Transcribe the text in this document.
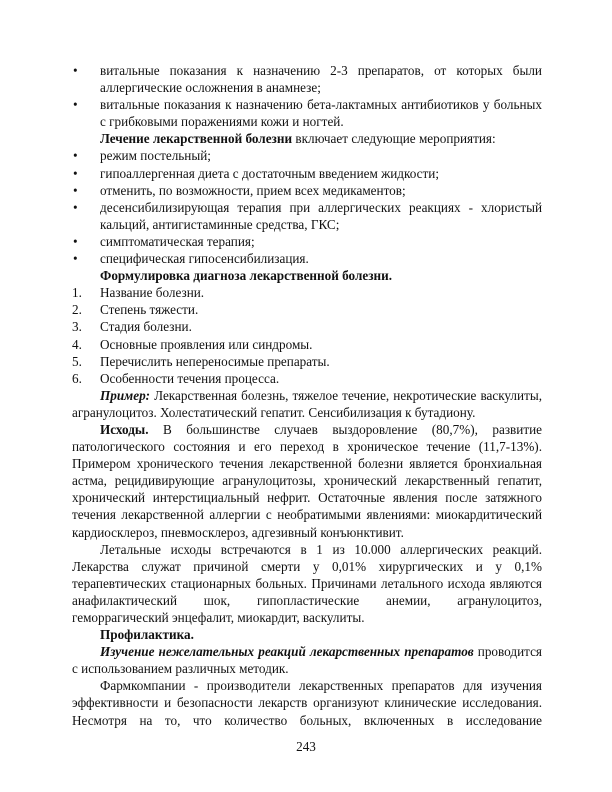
• витальные показания к назначению 2-3 препаратов, от которых были аллергические осложнения в анамнезе;
• витальные показания к назначению бета-лактамных антибиотиков у больных с грибковыми поражениями кожи и ногтей.
Лечение лекарственной болезни включает следующие мероприятия:
• режим постельный;
• гипоаллергенная диета с достаточным введением жидкости;
• отменить, по возможности, прием всех медикаментов;
• десенсибилизирующая терапия при аллергических реакциях - хлористый кальций, антигистаминные средства, ГКС;
• симптоматическая терапия;
• специфическая гипосенсибилизация.
Формулировка диагноза лекарственной болезни.
1. Название болезни.
2. Степень тяжести.
3. Стадия болезни.
4. Основные проявления или синдромы.
5. Перечислить непереносимые препараты.
6. Особенности течения процесса.
Пример: Лекарственная болезнь, тяжелое течение, некротические васкулиты, агранулоцитоз. Холестатический гепатит. Сенсибилизация к бутадиону.
Исходы. В большинстве случаев выздоровление (80,7%), развитие патологического состояния и его переход в хроническое течение (11,7-13%). Примером хронического течения лекарственной болезни является бронхиальная астма, рецидивирующие агранулоцитозы, хронический лекарственный гепатит, хронический интерстициальный нефрит. Остаточные явления после затяжного течения лекарственной аллергии с необратимыми явлениями: миокардитический кардиосклероз, пневмосклероз, адгезивный конъюнктивит.
Летальные исходы встречаются в 1 из 10.000 аллергических реакций. Лекарства служат причиной смерти у 0,01% хирургических и у 0,1% терапевтических стационарных больных. Причинами летального исхода являются анафилактический шок, гипопластические анемии, агранулоцитоз, геморрагический энцефалит, миокардит, васкулиты.
Профилактика.
Изучение нежелательных реакций лекарственных препаратов проводится с использованием различных методик.
Фармкомпании - производители лекарственных препаратов для изучения эффективности и безопасности лекарств организуют клинические исследования. Несмотря на то, что количество больных, включенных в исследование
243
